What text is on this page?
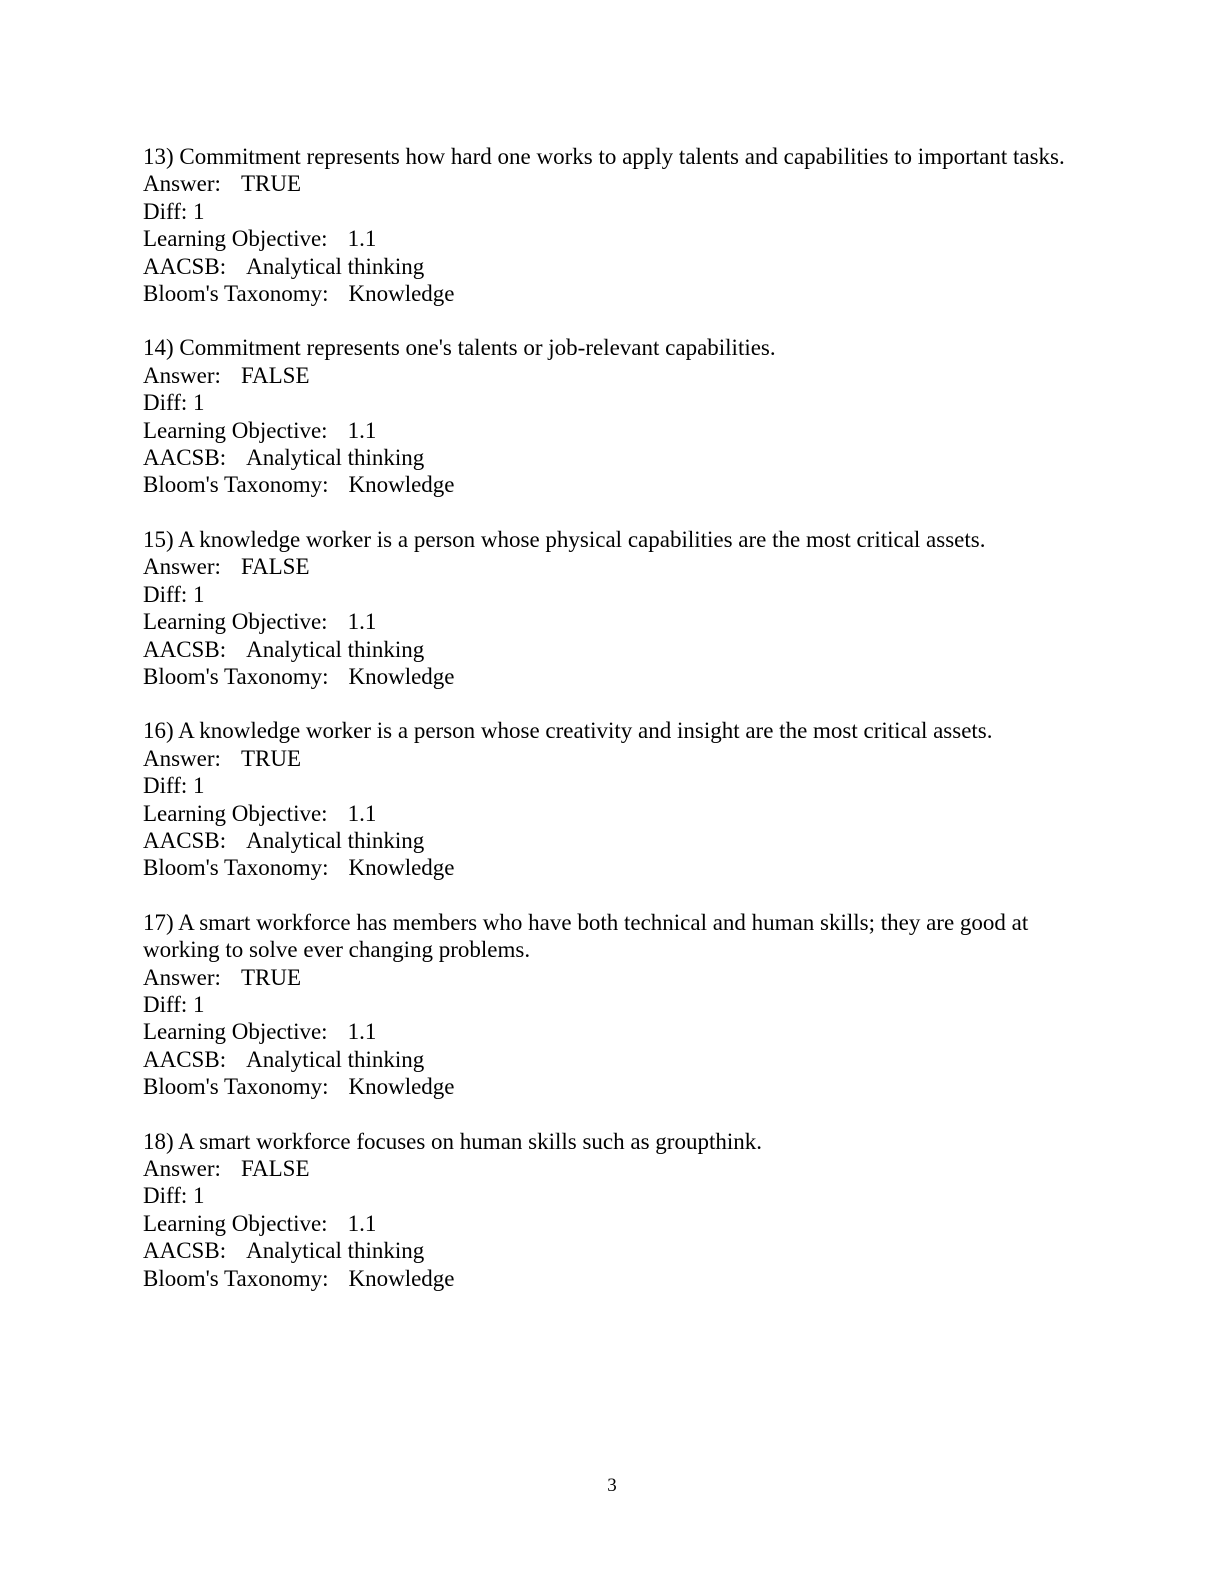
13) Commitment represents how hard one works to apply talents and capabilities to important tasks.
Answer: TRUE
Diff: 1
Learning Objective: 1.1
AACSB: Analytical thinking
Bloom's Taxonomy: Knowledge
14) Commitment represents one's talents or job-relevant capabilities.
Answer: FALSE
Diff: 1
Learning Objective: 1.1
AACSB: Analytical thinking
Bloom's Taxonomy: Knowledge
15) A knowledge worker is a person whose physical capabilities are the most critical assets.
Answer: FALSE
Diff: 1
Learning Objective: 1.1
AACSB: Analytical thinking
Bloom's Taxonomy: Knowledge
16) A knowledge worker is a person whose creativity and insight are the most critical assets.
Answer: TRUE
Diff: 1
Learning Objective: 1.1
AACSB: Analytical thinking
Bloom's Taxonomy: Knowledge
17) A smart workforce has members who have both technical and human skills; they are good at working to solve ever changing problems.
Answer: TRUE
Diff: 1
Learning Objective: 1.1
AACSB: Analytical thinking
Bloom's Taxonomy: Knowledge
18) A smart workforce focuses on human skills such as groupthink.
Answer: FALSE
Diff: 1
Learning Objective: 1.1
AACSB: Analytical thinking
Bloom's Taxonomy: Knowledge
3
